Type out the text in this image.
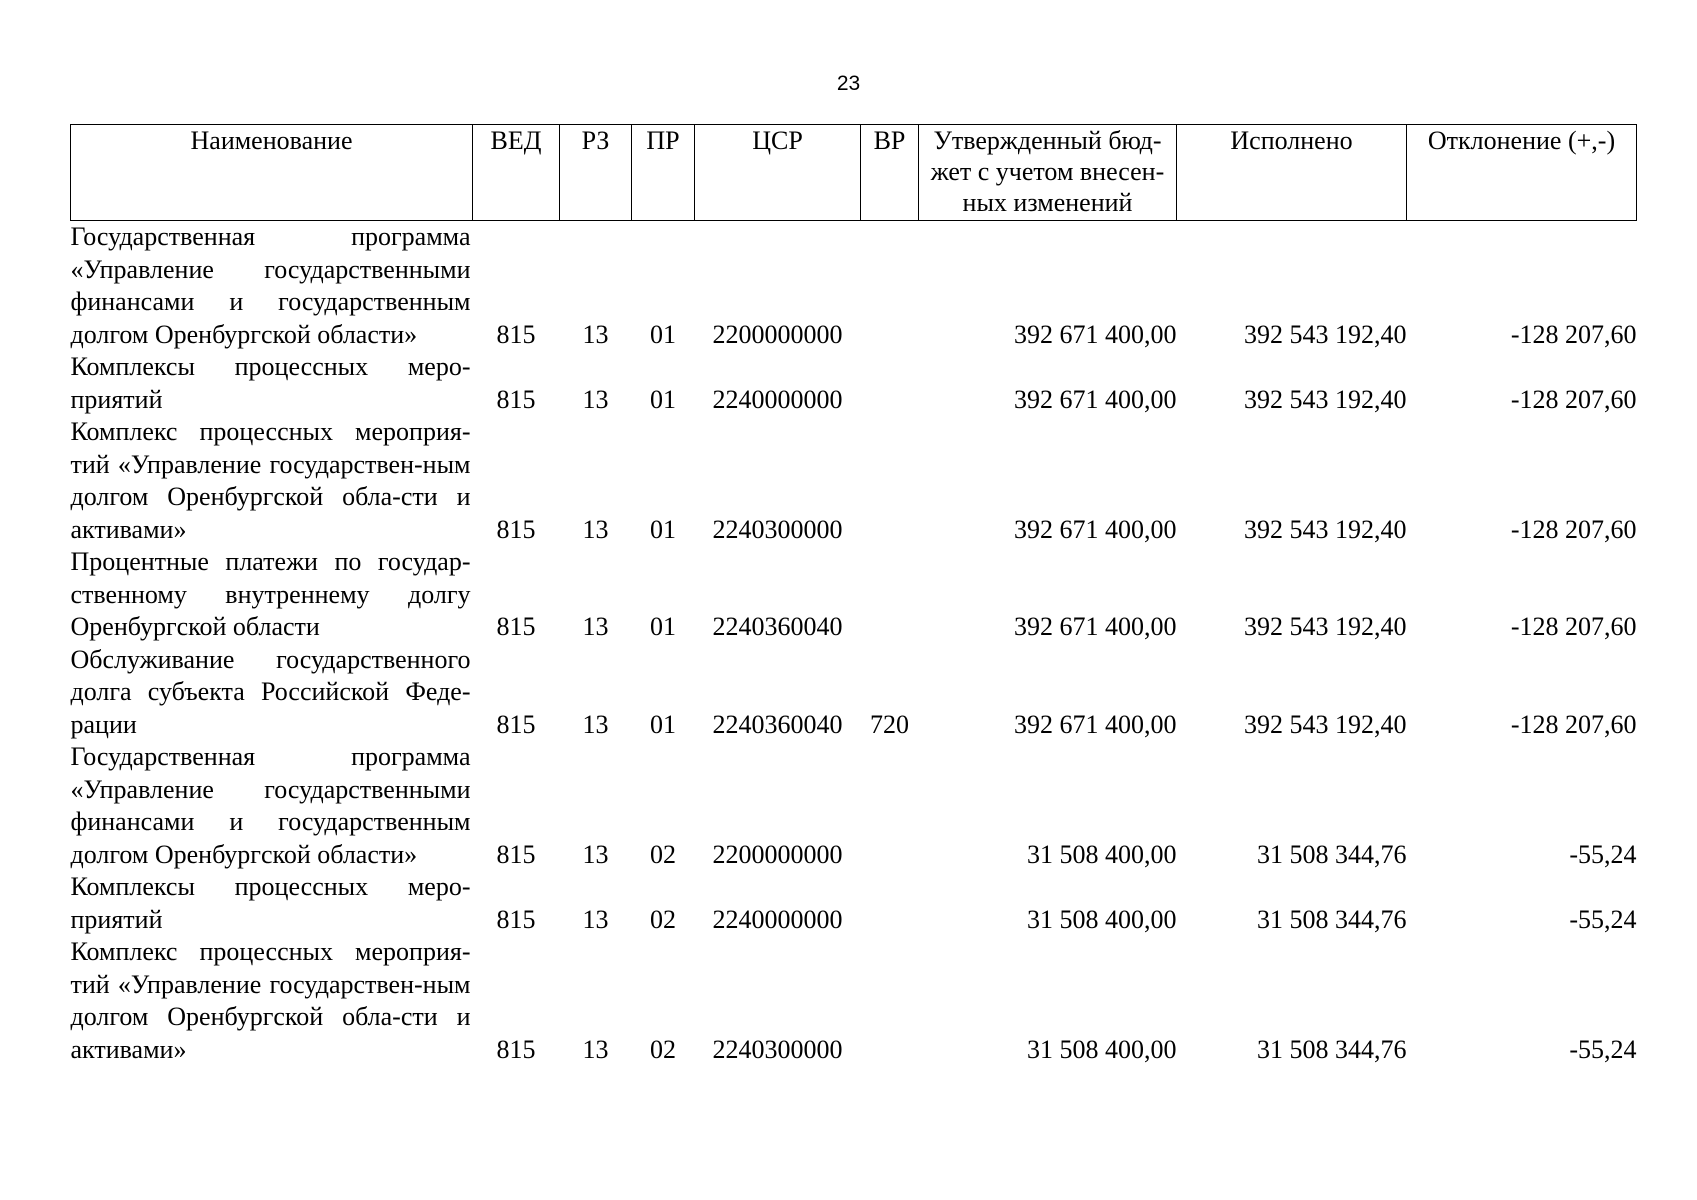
23
Наименование	ВЕД	РЗ	ПР	ЦСР	ВР	Утвержденный бюд-жет с учетом внесен-ных изменений	Исполнено	Отклонение (+,-)
Государственная программа «Управление государственными финансами и государственным долгом Оренбургской области»	815	13	01	2200000000		392 671 400,00	392 543 192,40	-128 207,60
Комплексы процессных меро-приятий	815	13	01	2240000000		392 671 400,00	392 543 192,40	-128 207,60
Комплекс процессных мероприя-тий «Управление государствен-ным долгом Оренбургской обла-сти и активами»	815	13	01	2240300000		392 671 400,00	392 543 192,40	-128 207,60
Процентные платежи по государ-ственному внутреннему долгу Оренбургской области	815	13	01	2240360040		392 671 400,00	392 543 192,40	-128 207,60
Обслуживание государственного долга субъекта Российской Феде-рации	815	13	01	2240360040	720	392 671 400,00	392 543 192,40	-128 207,60
Государственная программа «Управление государственными финансами и государственным долгом Оренбургской области»	815	13	02	2200000000		31 508 400,00	31 508 344,76	-55,24
Комплексы процессных меро-приятий	815	13	02	2240000000		31 508 400,00	31 508 344,76	-55,24
Комплекс процессных мероприя-тий «Управление государствен-ным долгом Оренбургской обла-сти и активами»	815	13	02	2240300000		31 508 400,00	31 508 344,76	-55,24
